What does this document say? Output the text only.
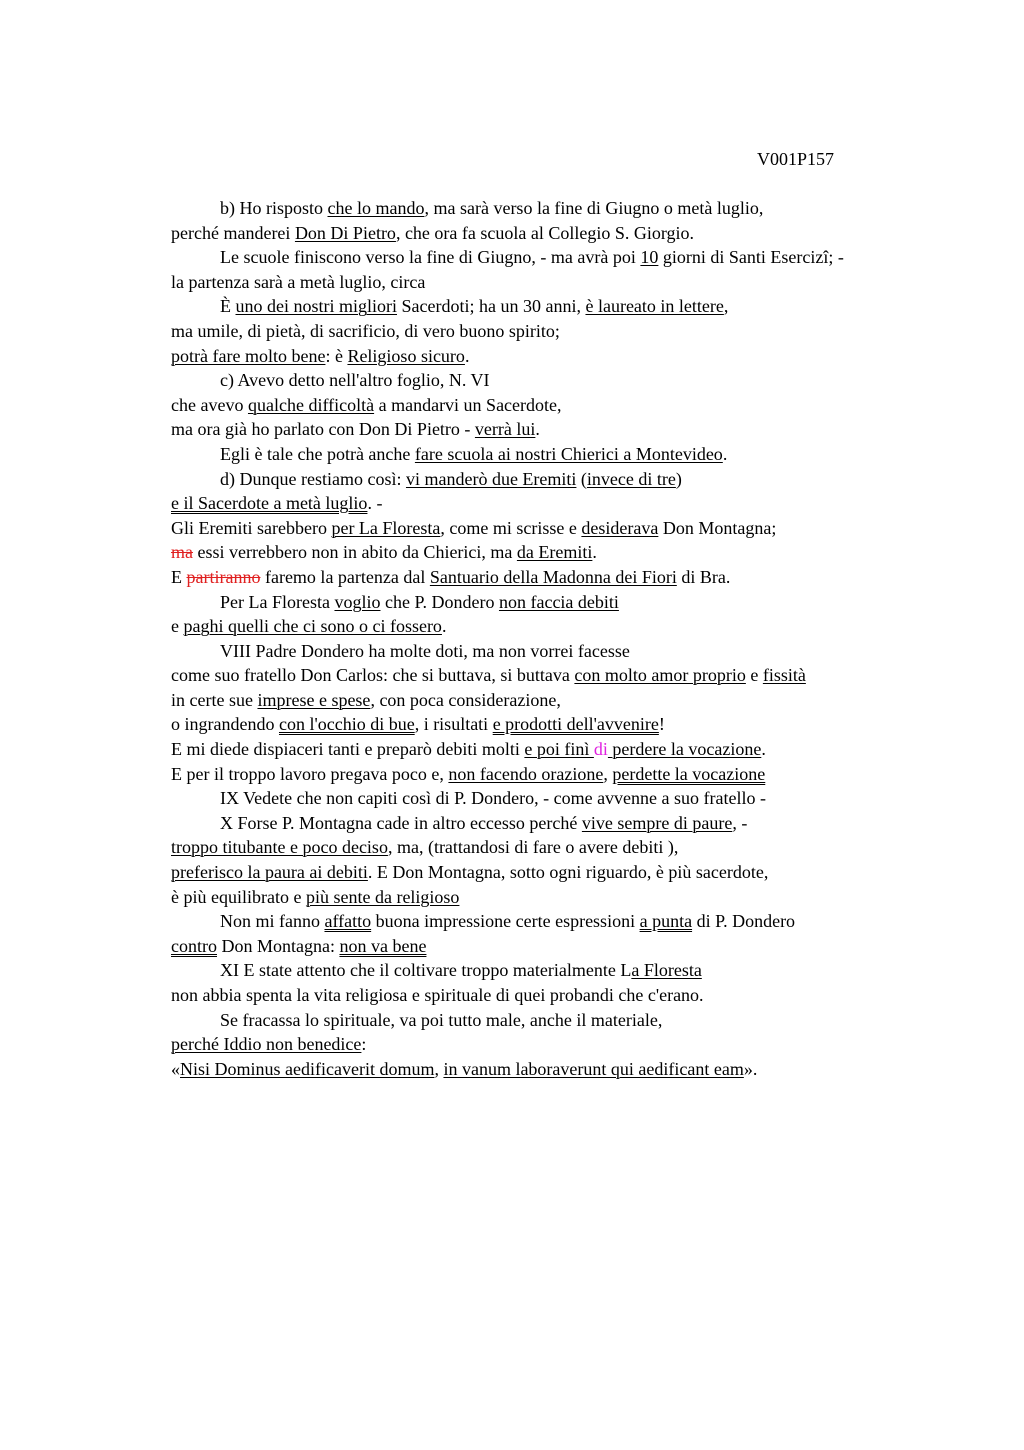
V001P157
b) Ho risposto che lo mando, ma sarà verso la fine di Giugno o metà luglio,
perché manderei Don Di Pietro, che ora fa scuola al Collegio S. Giorgio.
Le scuole finiscono verso la fine di Giugno, - ma avrà poi 10 giorni di Santi Esercizi; -
la partenza sarà a metà luglio, circa
È uno dei nostri migliori Sacerdoti; ha un 30 anni, è laureato in lettere,
ma umile, di pietà, di sacrificio, di vero buono spirito;
potrà fare molto bene: è Religioso sicuro.
c) Avevo detto nell'altro foglio, N. VI
che avevo qualche difficoltà a mandarvi un Sacerdote,
ma ora già ho parlato con Don Di Pietro - verrà lui.
Egli è tale che potrà anche fare scuola ai nostri Chierici a Montevideo.
d) Dunque restiamo così: vi manderò due Eremiti (invece di tre)
e il Sacerdote a metà luglio. -
Gli Eremiti sarebbero per La Floresta, come mi scrisse e desiderava Don Montagna;
ma essi verrebbero non in abito da Chierici, ma da Eremiti.
E partiranno faremo la partenza dal Santuario della Madonna dei Fiori di Bra.
Per La Floresta voglio che P. Dondero non faccia debiti
e paghi quelli che ci sono o ci fossero.
VIII Padre Dondero ha molte doti, ma non vorrei facesse
come suo fratello Don Carlos: che si buttava, si buttava con molto amor proprio e fissità
in certe sue imprese e spese, con poca considerazione,
o ingrandendo con l'occhio di bue, i risultati e prodotti dell'avvenire!
E mi diede dispiaceri tanti e preparò debiti molti e poi finì di perdere la vocazione.
E per il troppo lavoro pregava poco e, non facendo orazione, perdette la vocazione
IX Vedete che non capiti così di P. Dondero, - come avvenne a suo fratello -
X Forse P. Montagna cade in altro eccesso perché vive sempre di paure, -
troppo titubante e poco deciso, ma, (trattandosi di fare o avere debiti ),
preferisco la paura ai debiti. E Don Montagna, sotto ogni riguardo, è più sacerdote,
è più equilibrato e più sente da religioso
Non mi fanno affatto buona impressione certe espressioni a punta di P. Dondero
contro Don Montagna: non va bene
XI E state attento che il coltivare troppo materialmente La Floresta
non abbia spenta la vita religiosa e spirituale di quei probandi che c'erano.
Se fracassa lo spirituale, va poi tutto male, anche il materiale,
perché Iddio non benedice:
«Nisi Dominus aedificaverit domum, in vanum laboraverunt qui aedificant eam».
